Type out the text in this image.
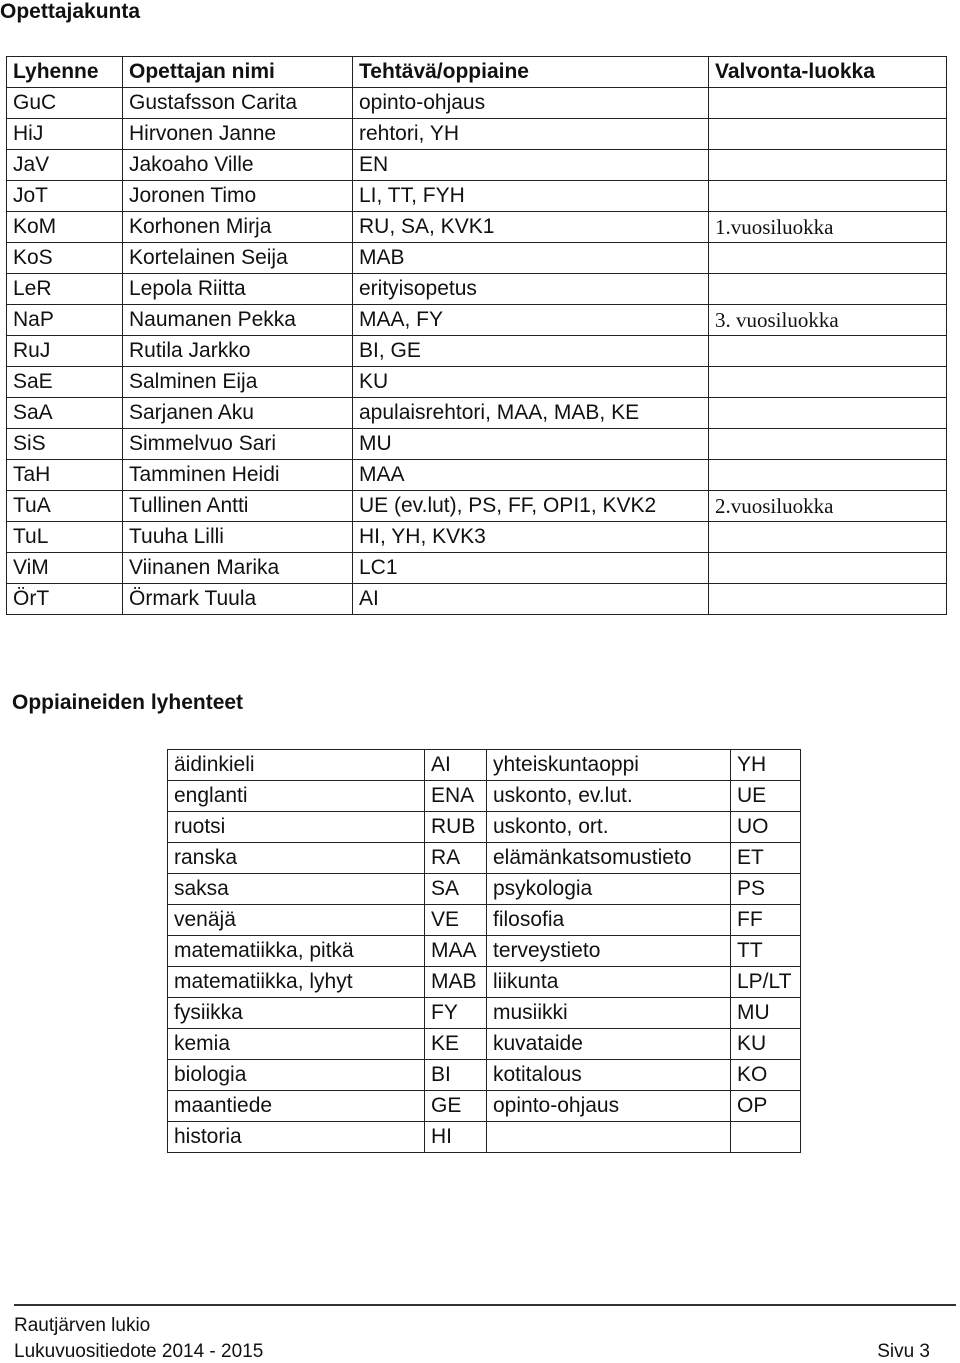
Opettajakunta
Lyhenne	Opettajan nimi	Tehtävä/oppiaine	Valvonta-luokka
GuC	Gustafsson Carita	opinto-ohjaus	
HiJ	Hirvonen Janne	rehtori, YH	
JaV	Jakoaho Ville	EN	
JoT	Joronen Timo	LI, TT, FYH	
KoM	Korhonen Mirja	RU, SA, KVK1	1.vuosiluokka
KoS	Kortelainen Seija	MAB	
LeR	Lepola Riitta	erityisopetus	
NaP	Naumanen Pekka	MAA, FY	3. vuosiluokka
RuJ	Rutila Jarkko	BI, GE	
SaE	Salminen Eija	KU	
SaA	Sarjanen Aku	apulaisrehtori, MAA, MAB, KE	
SiS	Simmelvuo Sari	MU	
TaH	Tamminen Heidi	MAA	
TuA	Tullinen Antti	UE (ev.lut), PS, FF, OPI1, KVK2	2.vuosiluokka
TuL	Tuuha Lilli	HI, YH, KVK3	
ViM	Viinanen Marika	LC1	
ÖrT	Örmark Tuula	AI	
Oppiaineiden lyhenteet
äidinkieli	AI	yhteiskuntaoppi	YH
englanti	ENA	uskonto, ev.lut.	UE
ruotsi	RUB	uskonto, ort.	UO
ranska	RA	elämänkatsomustieto	ET
saksa	SA	psykologia	PS
venäjä	VE	filosofia	FF
matematiikka, pitkä	MAA	terveystieto	TT
matematiikka, lyhyt	MAB	liikunta	LP/LT
fysiikka	FY	musiikki	MU
kemia	KE	kuvataide	KU
biologia	BI	kotitalous	KO
maantiede	GE	opinto-ohjaus	OP
historia	HI		
Rautjärven lukio
Lukuvuositiedote 2014 - 2015	Sivu 3
